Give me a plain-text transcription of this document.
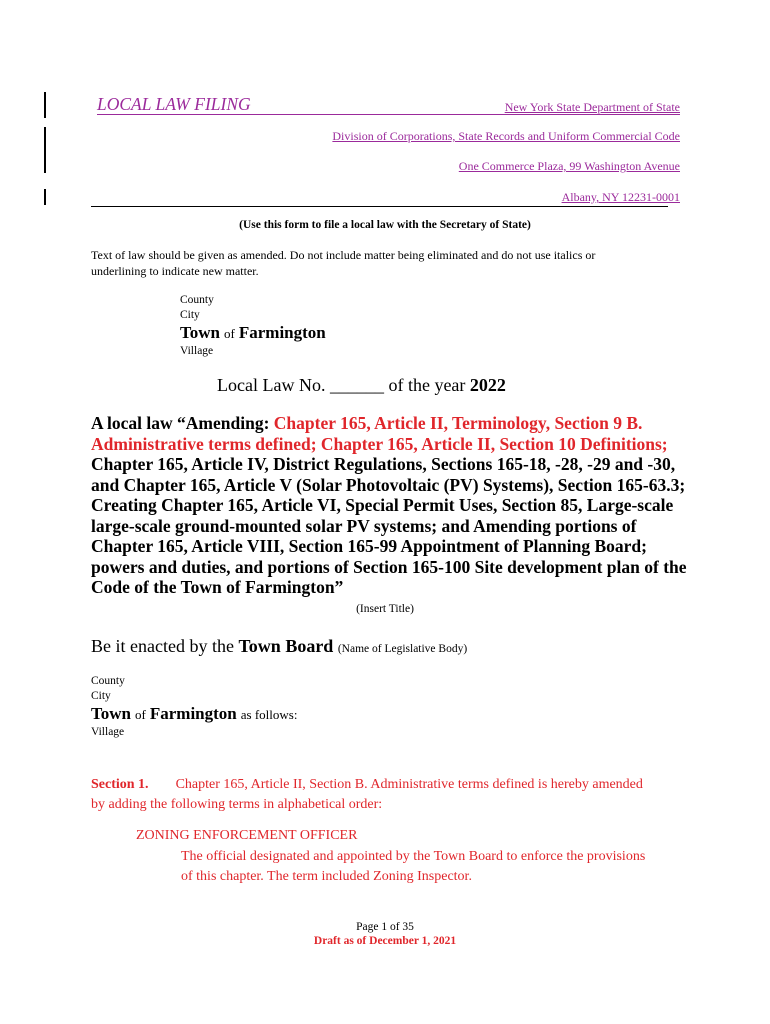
LOCAL LAW FILING	New York State Department of State
Division of Corporations, State Records and Uniform Commercial Code
One Commerce Plaza, 99 Washington Avenue
Albany, NY 12231-0001
(Use this form to file a local law with the Secretary of State)
Text of law should be given as amended. Do not include matter being eliminated and do not use italics or underlining to indicate new matter.
County
City
Town of Farmington
Village
Local Law No. ______ of the year 2022
A local law “Amending: Chapter 165, Article II, Terminology, Section 9 B. Administrative terms defined; Chapter 165, Article II, Section 10 Definitions; Chapter 165, Article IV, District Regulations, Sections 165-18, -28, -29 and -30, and Chapter 165, Article V (Solar Photovoltaic (PV) Systems), Section 165-63.3; Creating Chapter 165, Article VI, Special Permit Uses, Section 85, Large-scale large-scale ground-mounted solar PV systems; and Amending portions of Chapter 165, Article VIII, Section 165-99 Appointment of Planning Board; powers and duties, and portions of Section 165-100 Site development plan of the Code of the Town of Farmington”
(Insert Title)
Be it enacted by the Town Board (Name of Legislative Body)
County
City
Town of Farmington as follows:
Village
Section 1. Chapter 165, Article II, Section B. Administrative terms defined is hereby amended by adding the following terms in alphabetical order:
ZONING ENFORCEMENT OFFICER
The official designated and appointed by the Town Board to enforce the provisions of this chapter. The term included Zoning Inspector.
Page 1 of 35
Draft as of December 1, 2021
